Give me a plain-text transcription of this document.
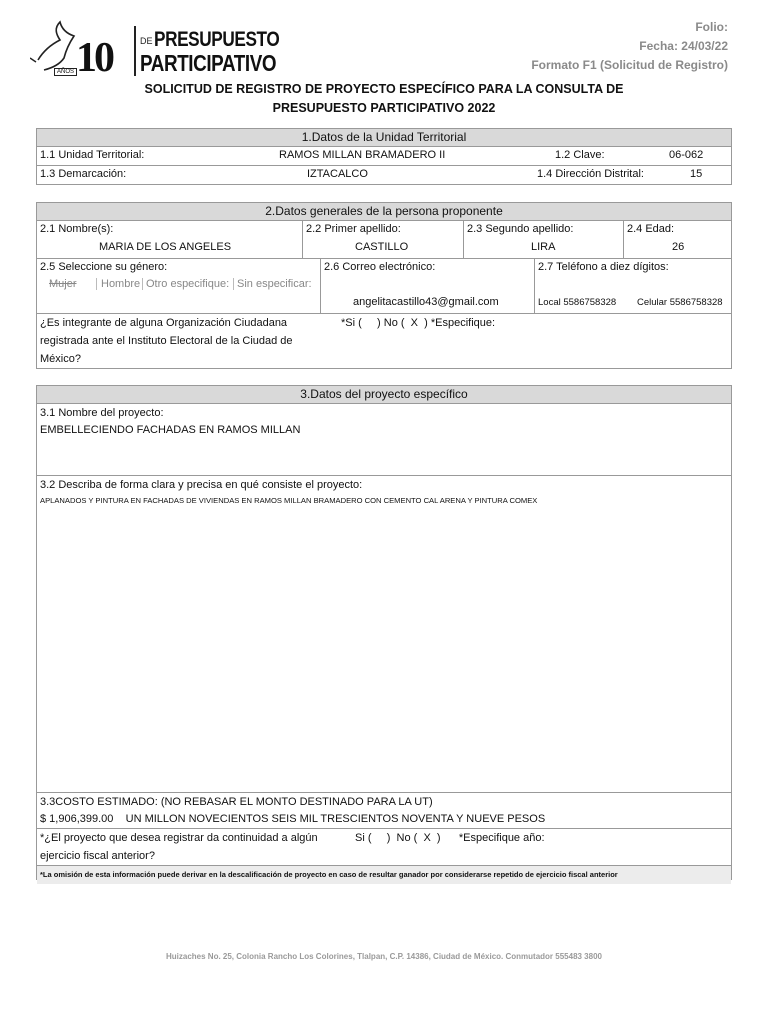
10
AÑOS
DE PRESUPUESTO
PARTICIPATIVO
Folio:
Fecha: 24/03/22
Formato F1 (Solicitud de Registro)
SOLICITUD DE REGISTRO DE PROYECTO ESPECÍFICO PARA LA CONSULTA DE
PRESUPUESTO PARTICIPATIVO 2022
1.Datos de la Unidad Territorial
1.1 Unidad Territorial:	RAMOS MILLAN BRAMADERO II	1.2 Clave:	06-062
1.3 Demarcación:	IZTACALCO	1.4 Dirección Distrital:	15
2.Datos generales de la persona proponente
2.1 Nombre(s):
MARIA DE LOS ANGELES
2.2 Primer apellido:
CASTILLO
2.3 Segundo apellido:
LIRA
2.4 Edad:
26
2.5 Seleccione su género:
Mujer	Hombre Otro especifique: Sin especificar:
2.6 Correo electrónico:
angelitacastillo43@gmail.com
2.7 Teléfono a diez dígitos:
Local 5586758328 Celular 5586758328
¿Es integrante de alguna Organización Ciudadana
registrada ante el Instituto Electoral de la Ciudad de
México?
*Si (     ) No (  X  ) *Especifique:
3.Datos del proyecto específico
3.1 Nombre del proyecto:
EMBELLECIENDO FACHADAS EN RAMOS MILLAN
3.2 Describa de forma clara y precisa en qué consiste el proyecto:
APLANADOS Y PINTURA EN FACHADAS DE VIVIENDAS EN RAMOS MILLAN BRAMADERO CON CEMENTO CAL ARENA Y PINTURA COMEX
3.3COSTO ESTIMADO: (NO REBASAR EL MONTO DESTINADO PARA LA UT)
$ 1,906,399.00    UN MILLON NOVECIENTOS SEIS MIL TRESCIENTOS NOVENTA Y NUEVE PESOS
*¿El proyecto que desea registrar da continuidad a algún
ejercicio fiscal anterior?
Si (     )  No (  X  )      *Especifique año:
*La omisión de esta información puede derivar en la descalificación de proyecto en caso de resultar ganador por considerarse repetido de ejercicio fiscal anterior
Huizaches No. 25, Colonia Rancho Los Colorines, Tlalpan, C.P. 14386, Ciudad de México. Conmutador 555483 3800
